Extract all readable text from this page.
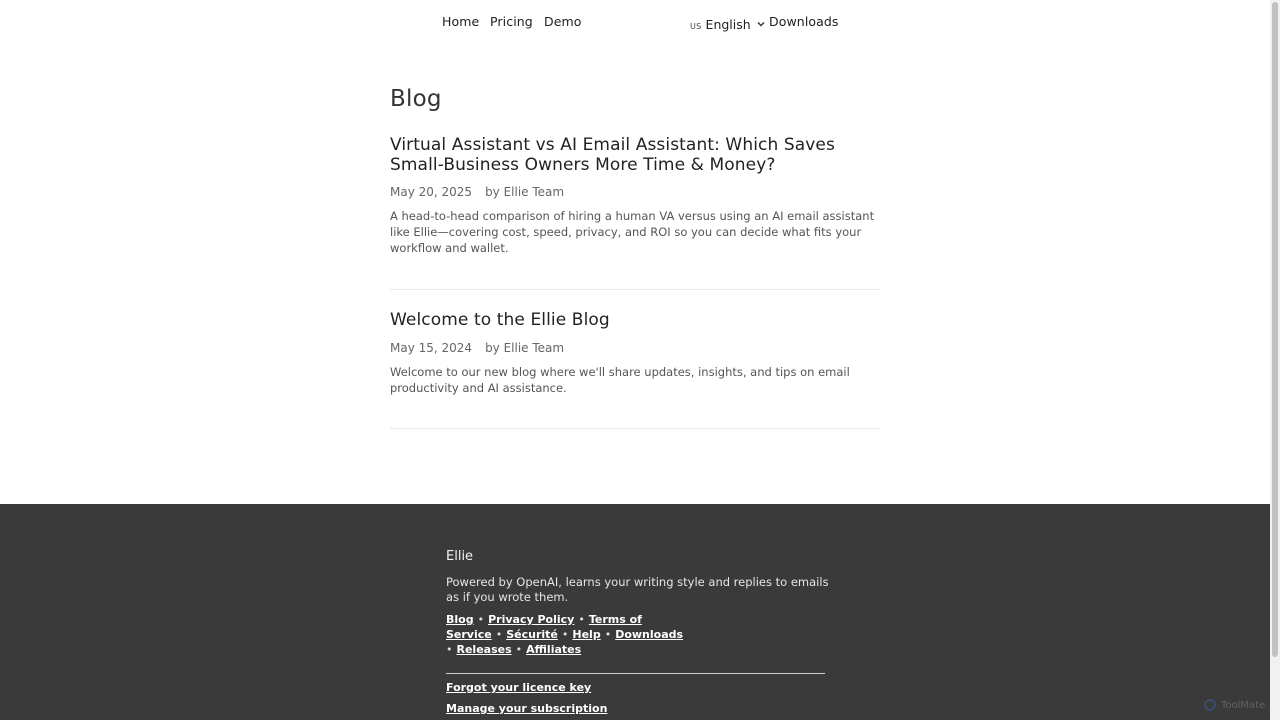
Home Pricing Demo	US English Downloads
Blog
Virtual Assistant vs AI Email Assistant: Which Saves Small-Business Owners More Time & Money?
May 20, 2025 by Ellie Team

A head-to-head comparison of hiring a human VA versus using an AI email assistant like Ellie—covering cost, speed, privacy, and ROI so you can decide what fits your workflow and wallet.

Welcome to the Ellie Blog
May 15, 2024 by Ellie Team

Welcome to our new blog where we'll share updates, insights, and tips on email productivity and AI assistance.

Ellie
Powered by OpenAI, learns your writing style and replies to emails as if you wrote them.
Blog • Privacy Policy • Terms of Service • Sécurité • Help • Downloads
• Releases • Affiliates
Forgot your licence key
Manage your subscription	ToolMate
